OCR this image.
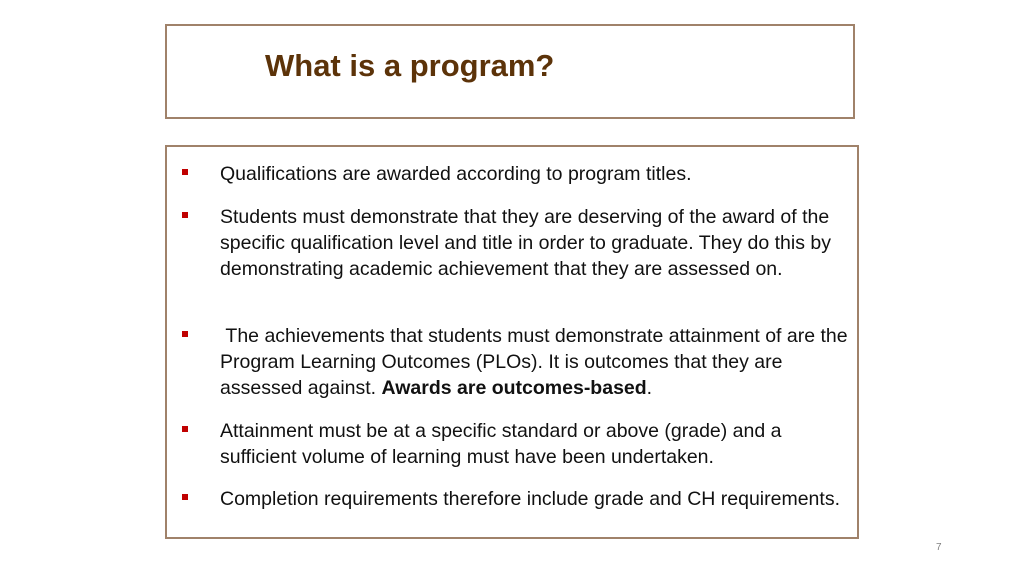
What is a program?
Qualifications are awarded according to program titles.
Students must demonstrate that they are deserving of the award of the specific qualification level and title in order to graduate. They do this by demonstrating academic achievement that they are assessed on.
The achievements that students must demonstrate attainment of are the Program Learning Outcomes (PLOs). It is outcomes that they are assessed against. Awards are outcomes-based.
Attainment must be at a specific standard or above (grade) and a sufficient volume of learning must have been undertaken.
Completion requirements therefore include grade and CH requirements.
7
